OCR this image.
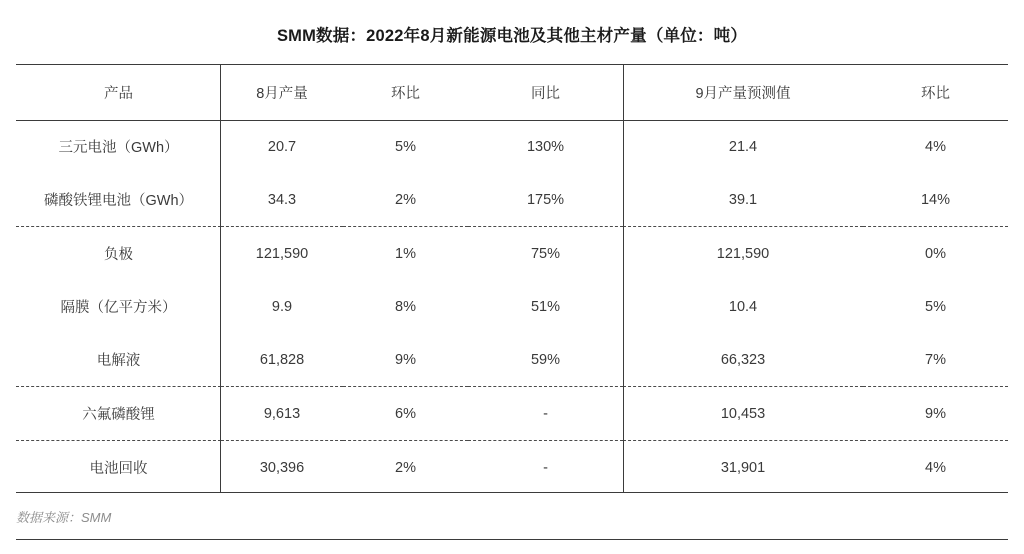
SMM数据：2022年8月新能源电池及其他主材产量（单位：吨）
产品	8月产量	环比	同比	9月产量预测值	环比
三元电池（GWh）	20.7	5%	130%	21.4	4%
磷酸铁锂电池（GWh）	34.3	2%	175%	39.1	14%
负极	121,590	1%	75%	121,590	0%
隔膜（亿平方米）	9.9	8%	51%	10.4	5%
电解液	61,828	9%	59%	66,323	7%
六氟磷酸锂	9,613	6%	-	10,453	9%
电池回收	30,396	2%	-	31,901	4%
数据来源：SMM
